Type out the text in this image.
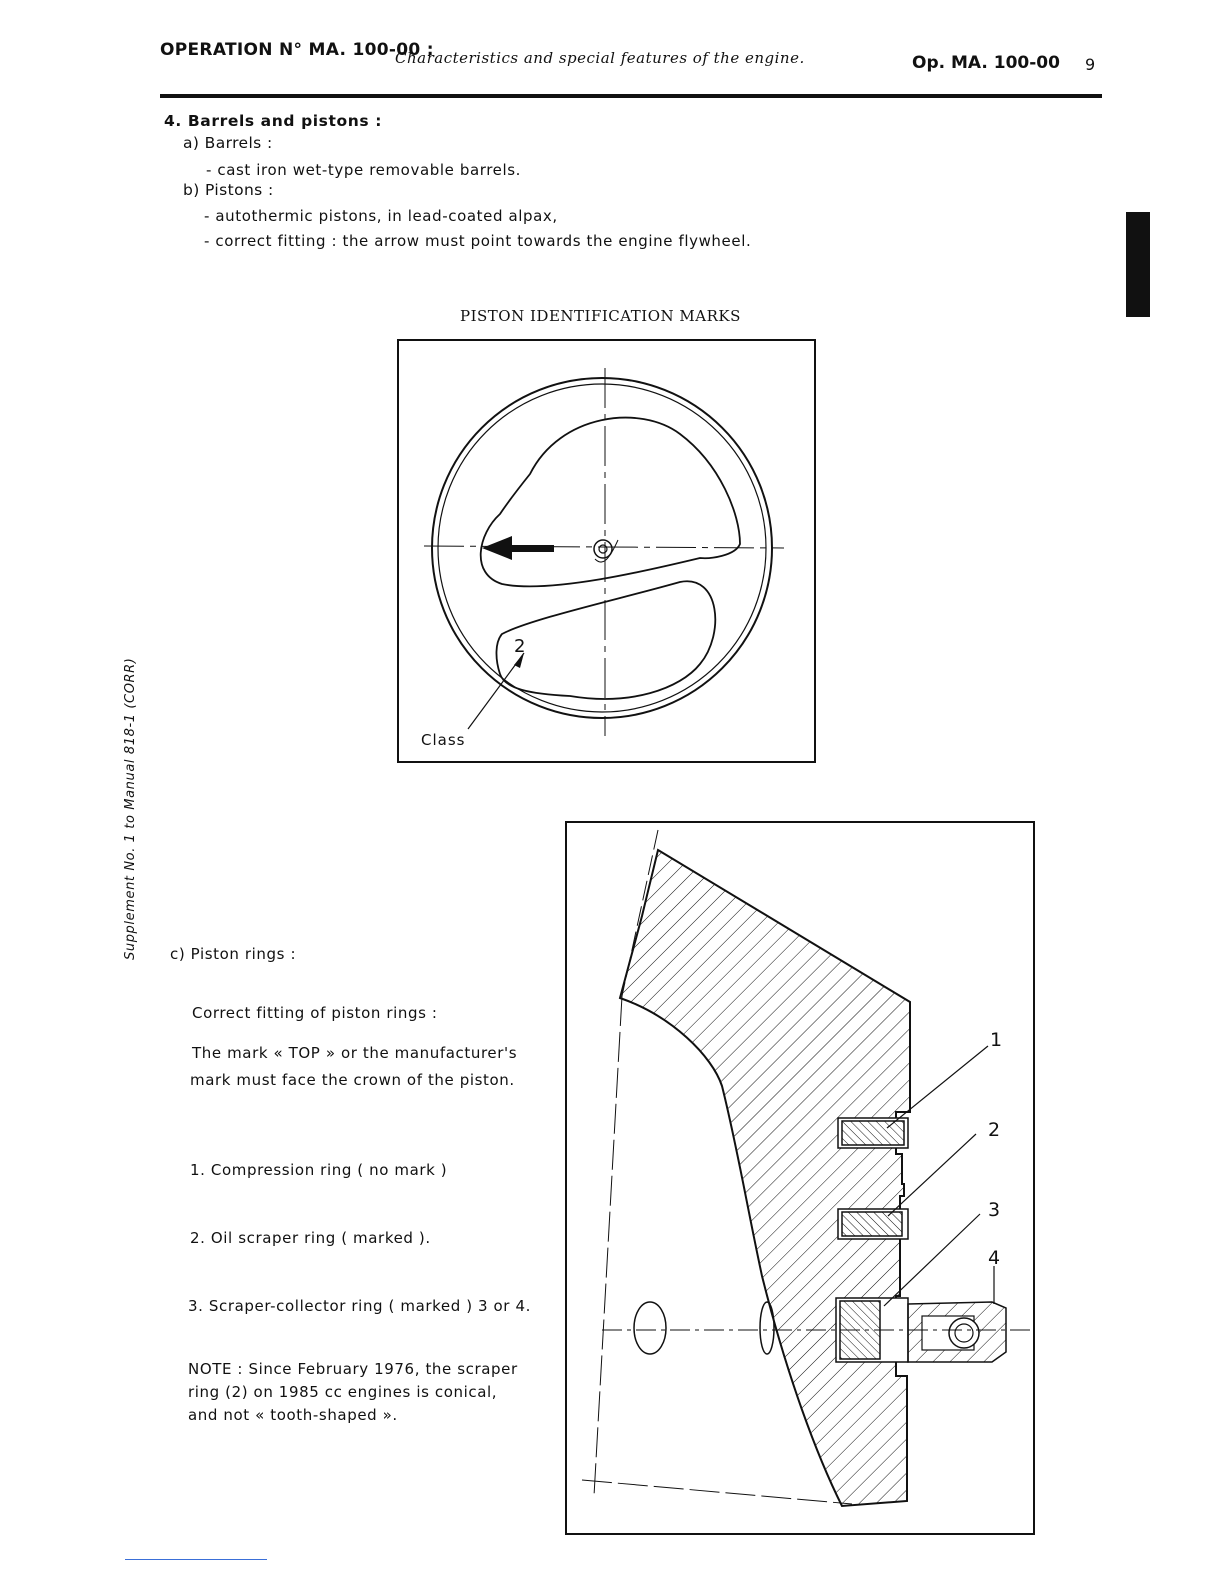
OPERATION N° MA. 100-00 :
Characteristics and special features of the engine.	Op. MA. 100-00 9
Supplement No. 1 to Manual 818-1 (CORR)
4. Barrels and pistons :
a) Barrels :
- cast iron wet-type removable barrels.
b) Pistons :
- autothermic pistons, in lead-coated alpax,
- correct fitting : the arrow must point towards the engine flywheel.
PISTON IDENTIFICATION MARKS
2
Class
c) Piston rings :
Correct fitting of piston rings :
The mark « TOP » or the manufacturer's
mark must face the crown of the piston.
1. Compression ring ( no mark )
2. Oil scraper ring ( marked ).
3. Scraper-collector ring ( marked ) 3 or 4.
NOTE : Since February 1976, the scraper
ring (2) on 1985 cc engines is conical,
and not « tooth-shaped ».
1
2
3
4
